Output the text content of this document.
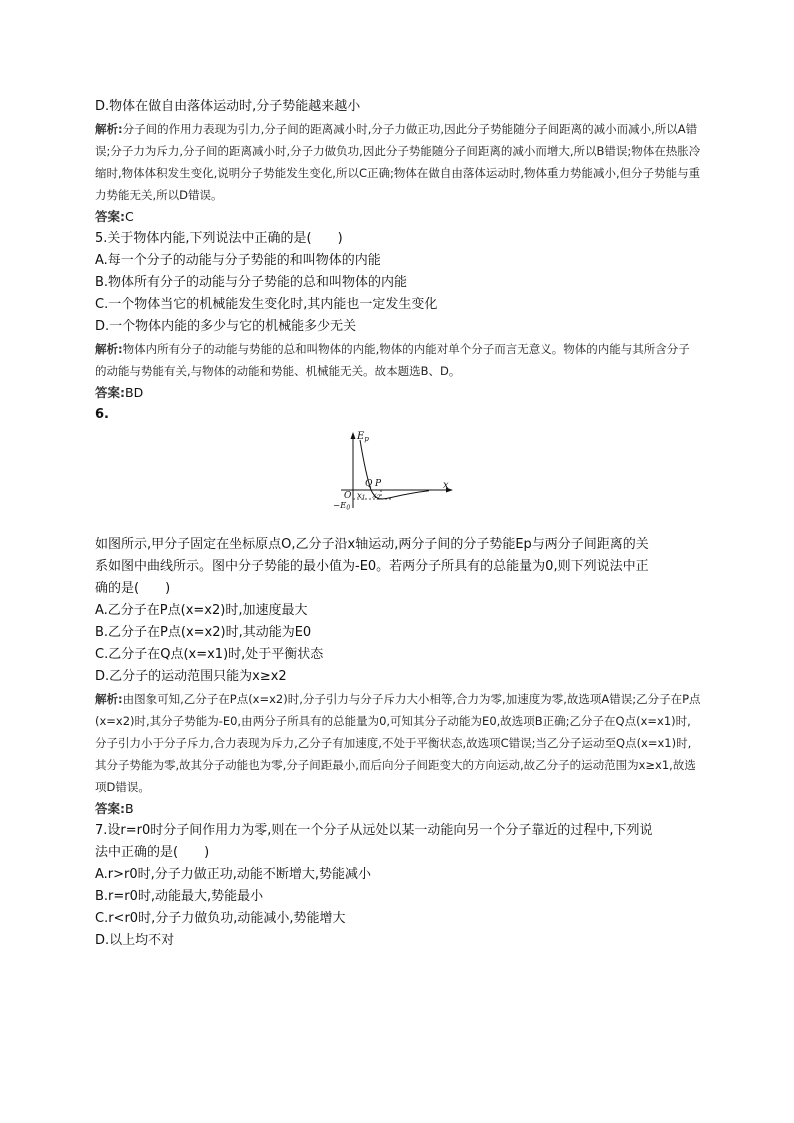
D.物体在做自由落体运动时,分子势能越来越小
解析:分子间的作用力表现为引力,分子间的距离减小时,分子力做正功,因此分子势能随分子间距离的减小而减小,所以A错误;分子力为斥力,分子间的距离减小时,分子力做负功,因此分子势能随分子间距离的减小而增大,所以B错误;物体在热胀冷缩时,物体体积发生变化,说明分子势能发生变化,所以C正确;物体在做自由落体运动时,物体重力势能减小,但分子势能与重力势能无关,所以D错误。
答案:C
5.关于物体内能,下列说法中正确的是(　　)
A.每一个分子的动能与分子势能的和叫物体的内能
B.物体所有分子的动能与分子势能的总和叫物体的内能
C.一个物体当它的机械能发生变化时,其内能也一定发生变化
D.一个物体内能的多少与它的机械能多少无关
解析:物体内所有分子的动能与势能的总和叫物体的内能,物体的内能对单个分子而言无意义。物体的内能与其所含分子的动能与势能有关,与物体的动能和势能、机械能无关。故本题选B、D。
答案:BD
6.
$E_p$
Q P
O x1 x2
x
−E0
如图所示,甲分子固定在坐标原点O,乙分子沿x轴运动,两分子间的分子势能Ep与两分子间距离的关
系如图中曲线所示。图中分子势能的最小值为-E0。若两分子所具有的总能量为0,则下列说法中正
确的是(　　)
A.乙分子在P点(x=x2)时,加速度最大
B.乙分子在P点(x=x2)时,其动能为E0
C.乙分子在Q点(x=x1)时,处于平衡状态
D.乙分子的运动范围只能为x≥x2
解析:由图象可知,乙分子在P点(x=x2)时,分子引力与分子斥力大小相等,合力为零,加速度为零,故选项A错误;乙分子在P点(x=x2)时,其分子势能为-E0,由两分子所具有的总能量为0,可知其分子动能为E0,故选项B正确;乙分子在Q点(x=x1)时,分子引力小于分子斥力,合力表现为斥力,乙分子有加速度,不处于平衡状态,故选项C错误;当乙分子运动至Q点(x=x1)时,其分子势能为零,故其分子动能也为零,分子间距最小,而后向分子间距变大的方向运动,故乙分子的运动范围为x≥x1,故选项D错误。
答案:B
7.设r=r0时分子间作用力为零,则在一个分子从远处以某一动能向另一个分子靠近的过程中,下列说
法中正确的是(　　)
A.r>r0时,分子力做正功,动能不断增大,势能减小
B.r=r0时,动能最大,势能最小
C.r<r0时,分子力做负功,动能减小,势能增大
D.以上均不对
